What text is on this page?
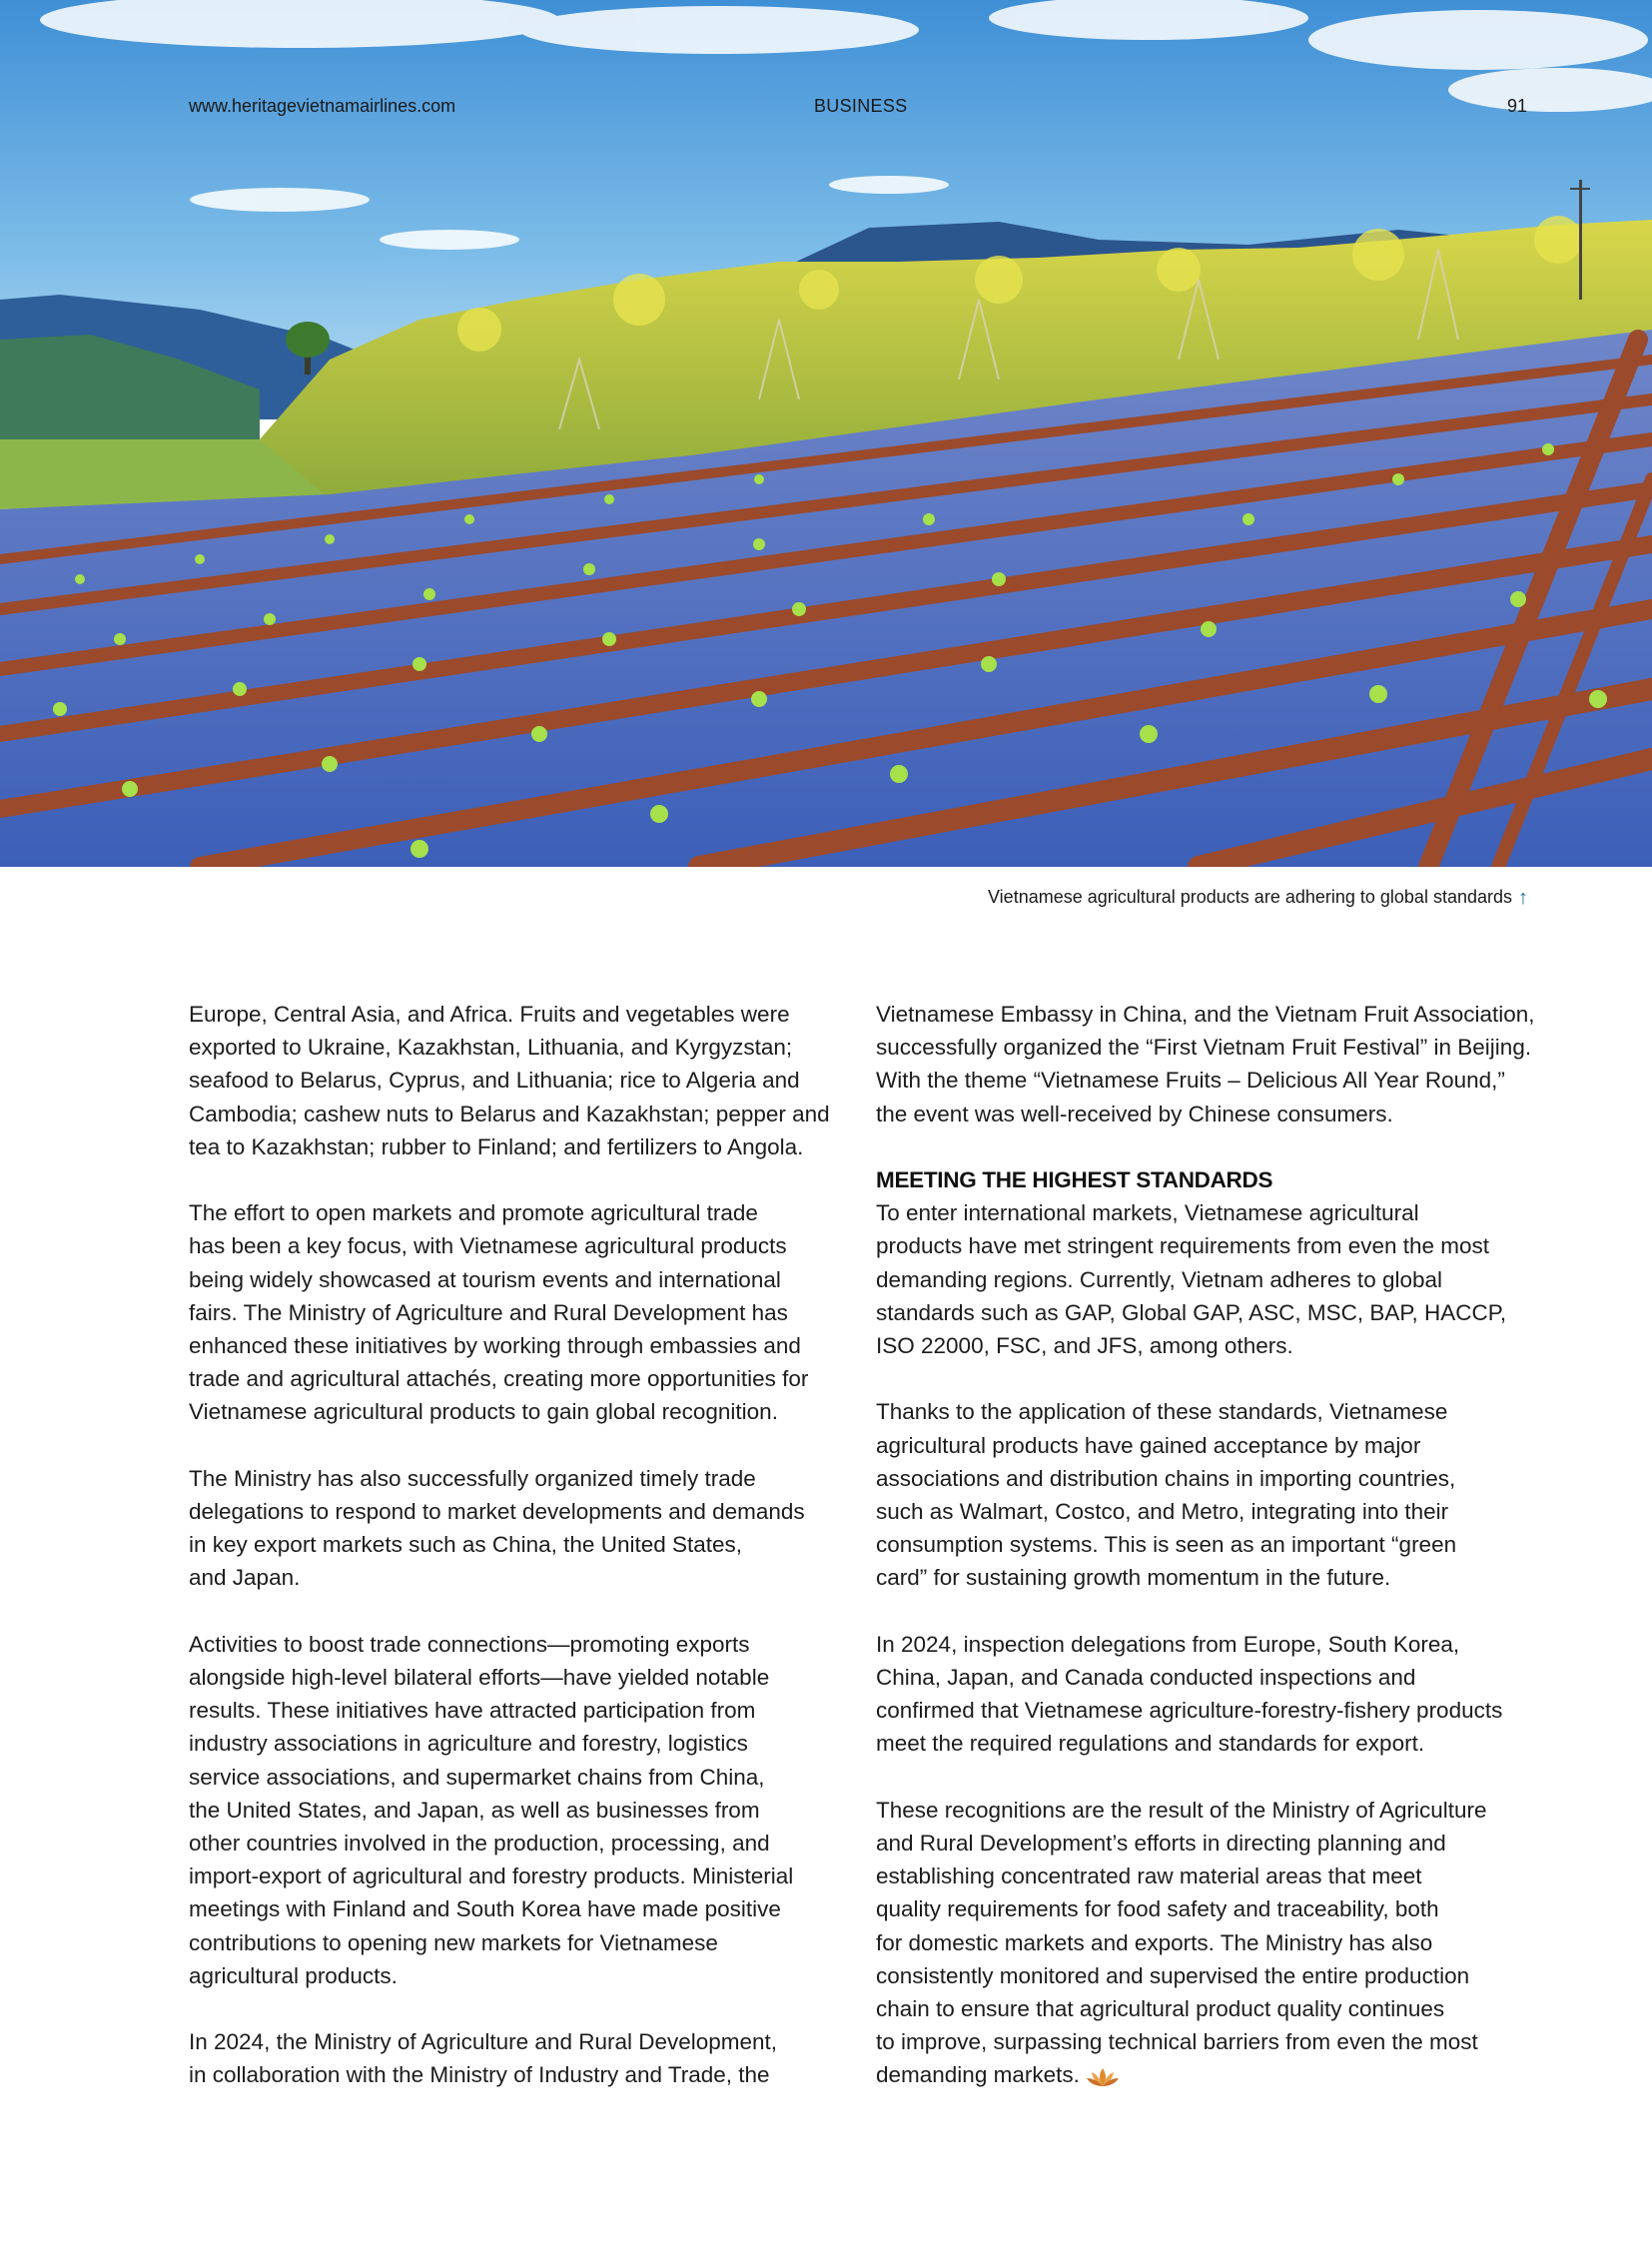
www.heritagevietnamairlines.com	BUSINESS	91
Vietnamese agricultural products are adhering to global standards ↑

Europe, Central Asia, and Africa. Fruits and vegetables were
exported to Ukraine, Kazakhstan, Lithuania, and Kyrgyzstan;
seafood to Belarus, Cyprus, and Lithuania; rice to Algeria and
Cambodia; cashew nuts to Belarus and Kazakhstan; pepper and
tea to Kazakhstan; rubber to Finland; and fertilizers to Angola.

The effort to open markets and promote agricultural trade
has been a key focus, with Vietnamese agricultural products
being widely showcased at tourism events and international
fairs. The Ministry of Agriculture and Rural Development has
enhanced these initiatives by working through embassies and
trade and agricultural attachés, creating more opportunities for
Vietnamese agricultural products to gain global recognition.

The Ministry has also successfully organized timely trade
delegations to respond to market developments and demands
in key export markets such as China, the United States,
and Japan.

Activities to boost trade connections—promoting exports
alongside high-level bilateral efforts—have yielded notable
results. These initiatives have attracted participation from
industry associations in agriculture and forestry, logistics
service associations, and supermarket chains from China,
the United States, and Japan, as well as businesses from
other countries involved in the production, processing, and
import-export of agricultural and forestry products. Ministerial
meetings with Finland and South Korea have made positive
contributions to opening new markets for Vietnamese
agricultural products.

In 2024, the Ministry of Agriculture and Rural Development,
in collaboration with the Ministry of Industry and Trade, the

Vietnamese Embassy in China, and the Vietnam Fruit Association,
successfully organized the “First Vietnam Fruit Festival” in Beijing.
With the theme “Vietnamese Fruits – Delicious All Year Round,”
the event was well-received by Chinese consumers.

MEETING THE HIGHEST STANDARDS

To enter international markets, Vietnamese agricultural
products have met stringent requirements from even the most
demanding regions. Currently, Vietnam adheres to global
standards such as GAP, Global GAP, ASC, MSC, BAP, HACCP,
ISO 22000, FSC, and JFS, among others.

Thanks to the application of these standards, Vietnamese
agricultural products have gained acceptance by major
associations and distribution chains in importing countries,
such as Walmart, Costco, and Metro, integrating into their
consumption systems. This is seen as an important “green
card” for sustaining growth momentum in the future.

In 2024, inspection delegations from Europe, South Korea,
China, Japan, and Canada conducted inspections and
confirmed that Vietnamese agriculture-forestry-fishery products
meet the required regulations and standards for export.

These recognitions are the result of the Ministry of Agriculture
and Rural Development’s efforts in directing planning and
establishing concentrated raw material areas that meet
quality requirements for food safety and traceability, both
for domestic markets and exports. The Ministry has also
consistently monitored and supervised the entire production
chain to ensure that agricultural product quality continues
to improve, surpassing technical barriers from even the most
demanding markets.
